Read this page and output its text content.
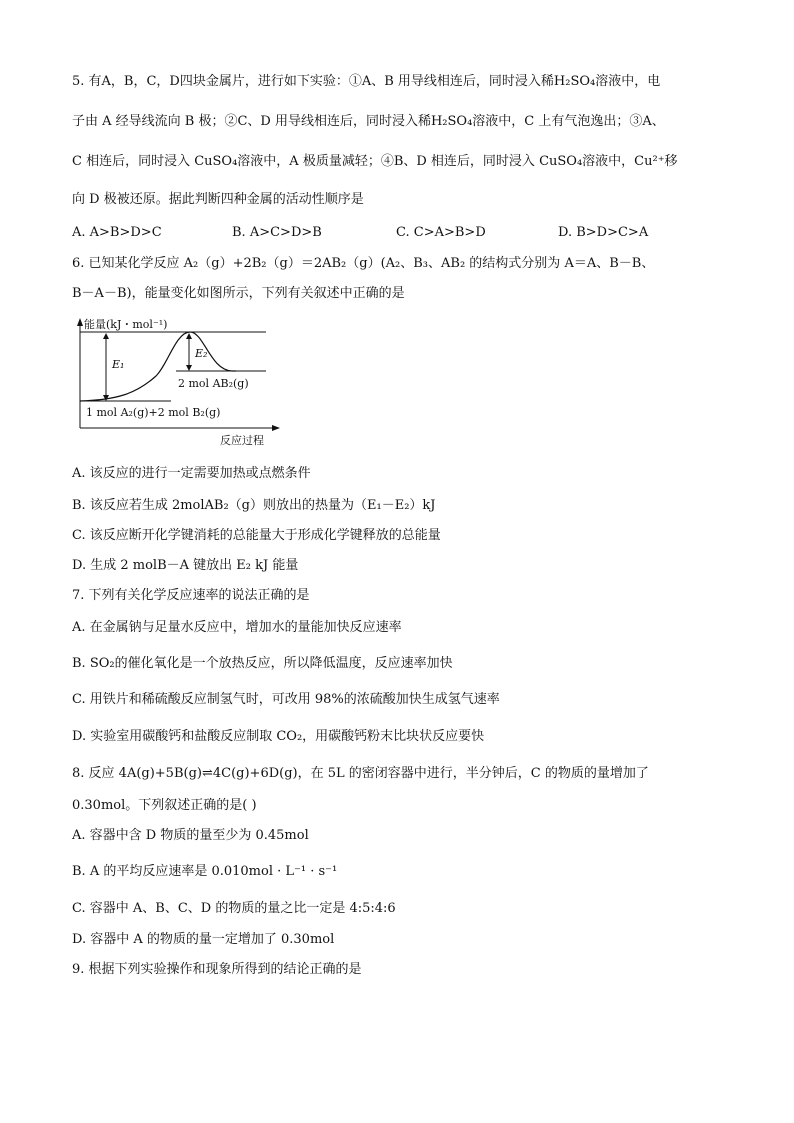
5. 有A，B，C，D四块金属片，进行如下实验：①A、B 用导线相连后，同时浸入稀H₂SO₄溶液中，电
子由 A 经导线流向 B 极；②C、D 用导线相连后，同时浸入稀H₂SO₄溶液中，C 上有气泡逸出；③A、
C 相连后，同时浸入 CuSO₄溶液中，A 极质量减轻；④B、D 相连后，同时浸入 CuSO₄溶液中，Cu²⁺移
向 D 极被还原。据此判断四种金属的活动性顺序是
A. A>B>D>C	B. A>C>D>B	C. C>A>B>D	D. B>D>C>A
6. 已知某化学反应 A₂（g）+2B₂（g）＝2AB₂（g）(A₂、B₃、AB₂ 的结构式分别为 A＝A、B－B、
B－A－B)，能量变化如图所示，下列有关叙述中正确的是
能量(kJ・mol⁻¹)
E₁
E₂
2 mol AB₂(g)
1 mol A₂(g)+2 mol B₂(g)
反应过程
A. 该反应的进行一定需要加热或点燃条件
B. 该反应若生成 2molAB₂（g）则放出的热量为（E₁－E₂）kJ
C. 该反应断开化学键消耗的总能量大于形成化学键释放的总能量
D. 生成 2 molB－A 键放出 E₂ kJ 能量
7. 下列有关化学反应速率的说法正确的是
A. 在金属钠与足量水反应中，增加水的量能加快反应速率
B. SO₂的催化氧化是一个放热反应，所以降低温度，反应速率加快
C. 用铁片和稀硫酸反应制氢气时，可改用 98%的浓硫酸加快生成氢气速率
D. 实验室用碳酸钙和盐酸反应制取 CO₂，用碳酸钙粉末比块状反应要快
8. 反应 4A(g)+5B(g)⇌4C(g)+6D(g)，在 5L 的密闭容器中进行，半分钟后，C 的物质的量增加了
0.30mol。下列叙述正确的是( )
A. 容器中含 D 物质的量至少为 0.45mol
B. A 的平均反应速率是 0.010mol · L⁻¹ · s⁻¹
C. 容器中 A、B、C、D 的物质的量之比一定是 4:5:4:6
D. 容器中 A 的物质的量一定增加了 0.30mol
9. 根据下列实验操作和现象所得到的结论正确的是
